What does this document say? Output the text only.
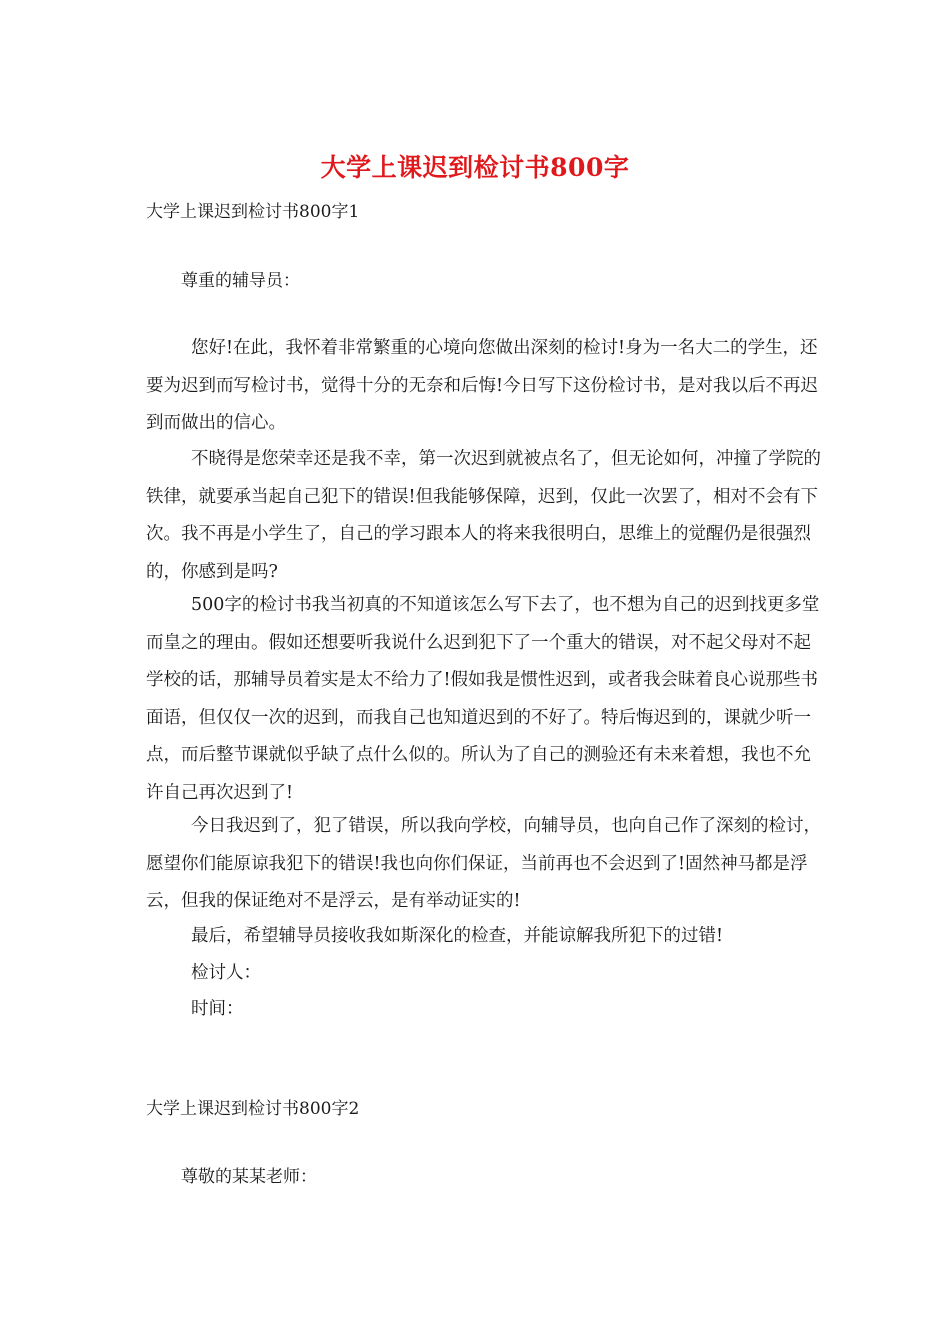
大学上课迟到检讨书800字
大学上课迟到检讨书800字1
尊重的辅导员：

您好!在此，我怀着非常繁重的心境向您做出深刻的检讨!身为一名大二的学生，还要为迟到而写检讨书，觉得十分的无奈和后悔!今日写下这份检讨书，是对我以后不再迟到而做出的信心。

不晓得是您荣幸还是我不幸，第一次迟到就被点名了，但无论如何，冲撞了学院的铁律，就要承当起自己犯下的错误!但我能够保障，迟到，仅此一次罢了，相对不会有下次。我不再是小学生了，自己的学习跟本人的将来我很明白，思维上的觉醒仍是很强烈的，你感到是吗?

500字的检讨书我当初真的不知道该怎么写下去了，也不想为自己的迟到找更多堂而皇之的理由。假如还想要听我说什么迟到犯下了一个重大的错误，对不起父母对不起学校的话，那辅导员着实是太不给力了!假如我是惯性迟到，或者我会昧着良心说那些书面语，但仅仅一次的迟到，而我自己也知道迟到的不好了。特后悔迟到的，课就少听一点，而后整节课就似乎缺了点什么似的。所认为了自己的测验还有未来着想，我也不允许自己再次迟到了!

今日我迟到了，犯了错误，所以我向学校，向辅导员，也向自己作了深刻的检讨，愿望你们能原谅我犯下的错误!我也向你们保证，当前再也不会迟到了!固然神马都是浮云，但我的保证绝对不是浮云，是有举动证实的!

最后，希望辅导员接收我如斯深化的检查，并能谅解我所犯下的过错!
检讨人：
时间：
大学上课迟到检讨书800字2
尊敬的某某老师：
